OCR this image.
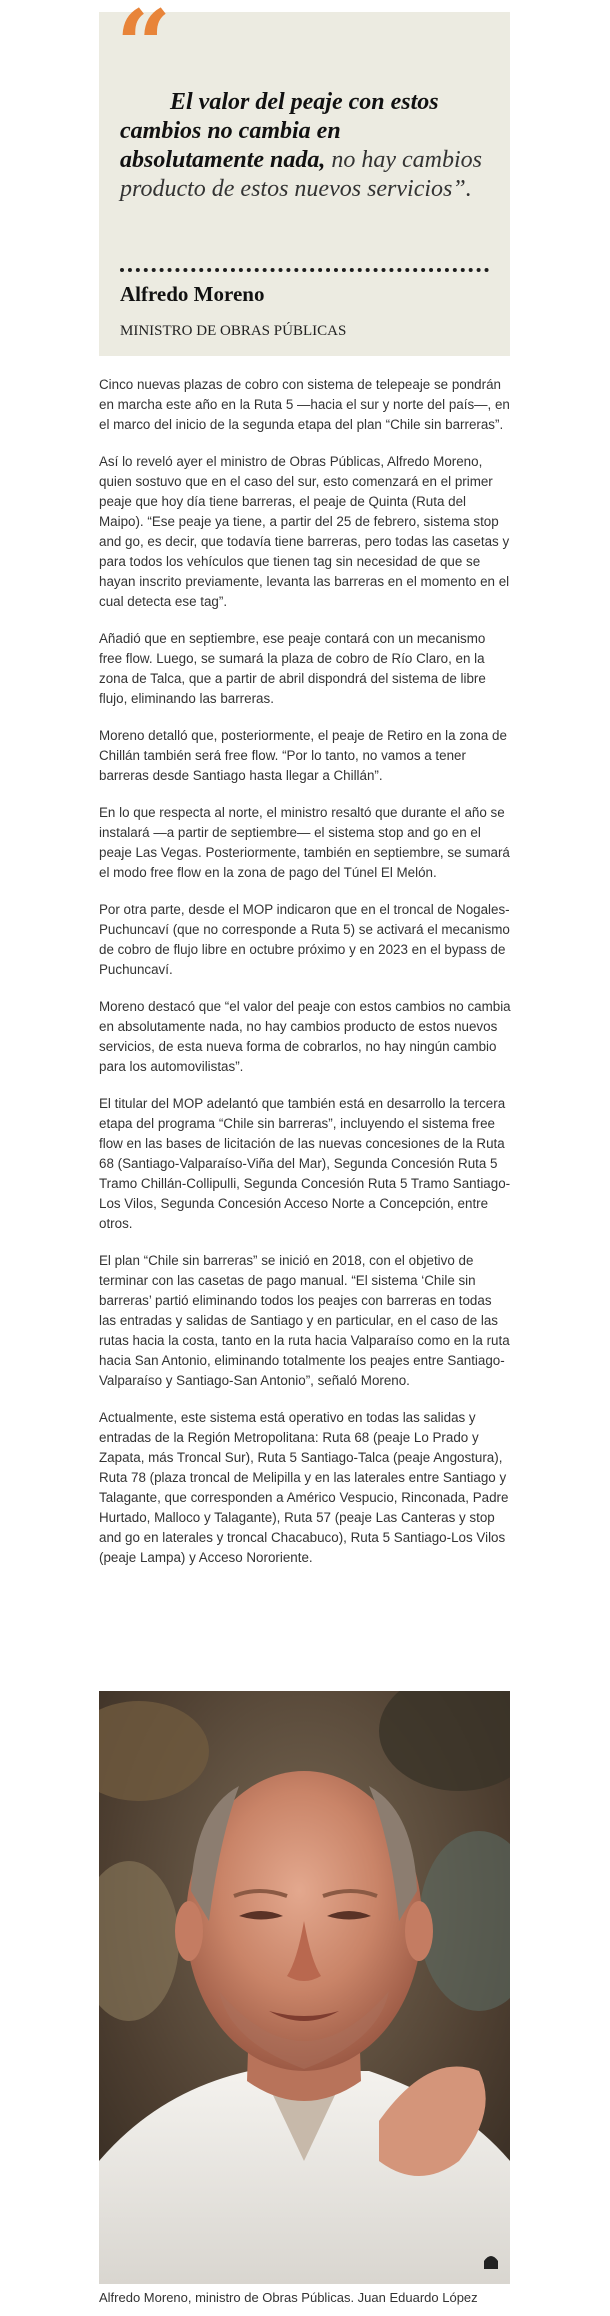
“

El valor del peaje con estos cambios no cambia en absolutamente nada, no hay cambios producto de estos nuevos servicios”.

Alfredo Moreno
MINISTRO DE OBRAS PÚBLICAS

Cinco nuevas plazas de cobro con sistema de telepeaje se pondrán en marcha este año en la Ruta 5 —hacia el sur y norte del país—, en el marco del inicio de la segunda etapa del plan “Chile sin barreras”.

Así lo reveló ayer el ministro de Obras Públicas, Alfredo Moreno, quien sostuvo que en el caso del sur, esto comenzará en el primer peaje que hoy día tiene barreras, el peaje de Quinta (Ruta del Maipo). “Ese peaje ya tiene, a partir del 25 de febrero, sistema stop and go, es decir, que todavía tiene barreras, pero todas las casetas y para todos los vehículos que tienen tag sin necesidad de que se hayan inscrito previamente, levanta las barreras en el momento en el cual detecta ese tag”.

Añadió que en septiembre, ese peaje contará con un mecanismo free flow. Luego, se sumará la plaza de cobro de Río Claro, en la zona de Talca, que a partir de abril dispondrá del sistema de libre flujo, eliminando las barreras.

Moreno detalló que, posteriormente, el peaje de Retiro en la zona de Chillán también será free flow. “Por lo tanto, no vamos a tener barreras desde Santiago hasta llegar a Chillán”.

En lo que respecta al norte, el ministro resaltó que durante el año se instalará —a partir de septiembre— el sistema stop and go en el peaje Las Vegas. Posteriormente, también en septiembre, se sumará el modo free flow en la zona de pago del Túnel El Melón.

Por otra parte, desde el MOP indicaron que en el troncal de Nogales-Puchuncaví (que no corresponde a Ruta 5) se activará el mecanismo de cobro de flujo libre en octubre próximo y en 2023 en el bypass de Puchuncaví.

Moreno destacó que “el valor del peaje con estos cambios no cambia en absolutamente nada, no hay cambios producto de estos nuevos servicios, de esta nueva forma de cobrarlos, no hay ningún cambio para los automovilistas”.

El titular del MOP adelantó que también está en desarrollo la tercera etapa del programa “Chile sin barreras”, incluyendo el sistema free flow en las bases de licitación de las nuevas concesiones de la Ruta 68 (Santiago-Valparaíso-Viña del Mar), Segunda Concesión Ruta 5 Tramo Chillán-Collipulli, Segunda Concesión Ruta 5 Tramo Santiago-Los Vilos, Segunda Concesión Acceso Norte a Concepción, entre otros.

El plan “Chile sin barreras” se inició en 2018, con el objetivo de terminar con las casetas de pago manual. “El sistema ‘Chile sin barreras’ partió eliminando todos los peajes con barreras en todas las entradas y salidas de Santiago y en particular, en el caso de las rutas hacia la costa, tanto en la ruta hacia Valparaíso como en la ruta hacia San Antonio, eliminando totalmente los peajes entre Santiago-Valparaíso y Santiago-San Antonio”, señaló Moreno.

Actualmente, este sistema está operativo en todas las salidas y entradas de la Región Metropolitana: Ruta 68 (peaje Lo Prado y Zapata, más Troncal Sur), Ruta 5 Santiago-Talca (peaje Angostura), Ruta 78 (plaza troncal de Melipilla y en las laterales entre Santiago y Talagante, que corresponden a Américo Vespucio, Rinconada, Padre Hurtado, Malloco y Talagante), Ruta 57 (peaje Las Canteras y stop and go en laterales y troncal Chacabuco), Ruta 5 Santiago-Los Vilos (peaje Lampa) y Acceso Nororiente.

Alfredo Moreno, ministro de Obras Públicas. Juan Eduardo López
